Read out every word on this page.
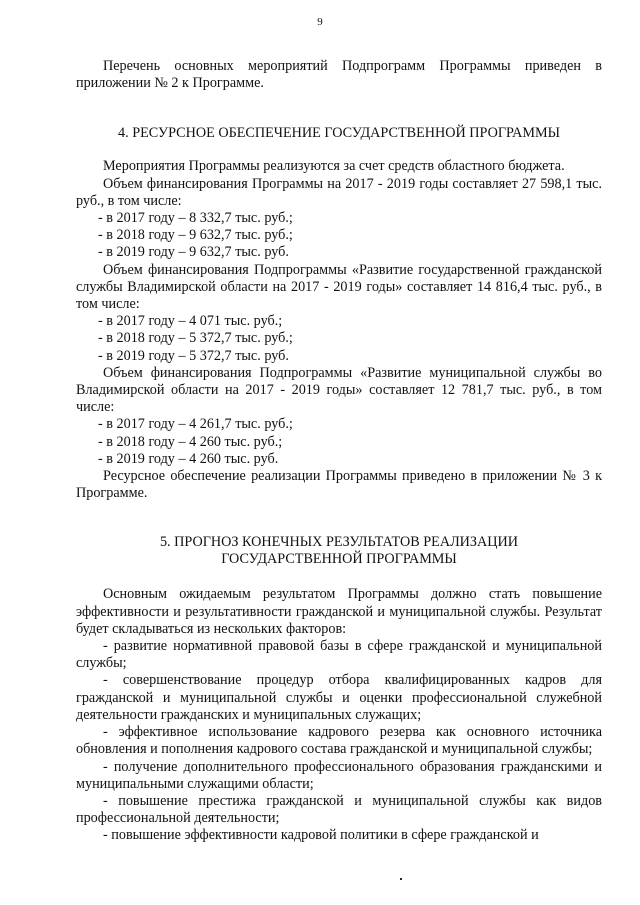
9

Перечень основных мероприятий Подпрограмм Программы приведен в приложении № 2 к Программе.

4. РЕСУРСНОЕ ОБЕСПЕЧЕНИЕ ГОСУДАРСТВЕННОЙ ПРОГРАММЫ

Мероприятия Программы реализуются за счет средств областного бюджета.

Объем финансирования Программы на 2017 - 2019 годы составляет 27 598,1 тыс. руб., в том числе:

- в 2017 году – 8 332,7 тыс. руб.;

- в 2018 году – 9 632,7 тыс. руб.;

- в 2019 году – 9 632,7 тыс. руб.

Объем финансирования Подпрограммы «Развитие государственной гражданской службы Владимирской области на 2017 - 2019 годы» составляет 14 816,4 тыс. руб., в том числе:

- в 2017 году – 4 071 тыс. руб.;

- в 2018 году – 5 372,7 тыс. руб.;

- в 2019 году – 5 372,7 тыс. руб.

Объем финансирования Подпрограммы «Развитие муниципальной службы во Владимирской области на 2017 - 2019 годы» составляет 12 781,7 тыс. руб., в том числе:

- в 2017 году – 4 261,7 тыс. руб.;

- в 2018 году – 4 260 тыс. руб.;

- в 2019 году – 4 260 тыс. руб.

Ресурсное обеспечение реализации Программы приведено в приложении № 3 к Программе.

5. ПРОГНОЗ КОНЕЧНЫХ РЕЗУЛЬТАТОВ РЕАЛИЗАЦИИ
ГОСУДАРСТВЕННОЙ ПРОГРАММЫ

Основным ожидаемым результатом Программы должно стать повышение эффективности и результативности гражданской и муниципальной службы. Результат будет складываться из нескольких факторов:

- развитие нормативной правовой базы в сфере гражданской и муниципальной службы;

- совершенствование процедур отбора квалифицированных кадров для гражданской и муниципальной службы и оценки профессиональной служебной деятельности гражданских и муниципальных служащих;

- эффективное использование кадрового резерва как основного источника обновления и пополнения кадрового состава гражданской и муниципальной службы;

- получение дополнительного профессионального образования гражданскими и муниципальными служащими области;

- повышение престижа гражданской и муниципальной службы как видов профессиональной деятельности;

- повышение эффективности кадровой политики в сфере гражданской и
